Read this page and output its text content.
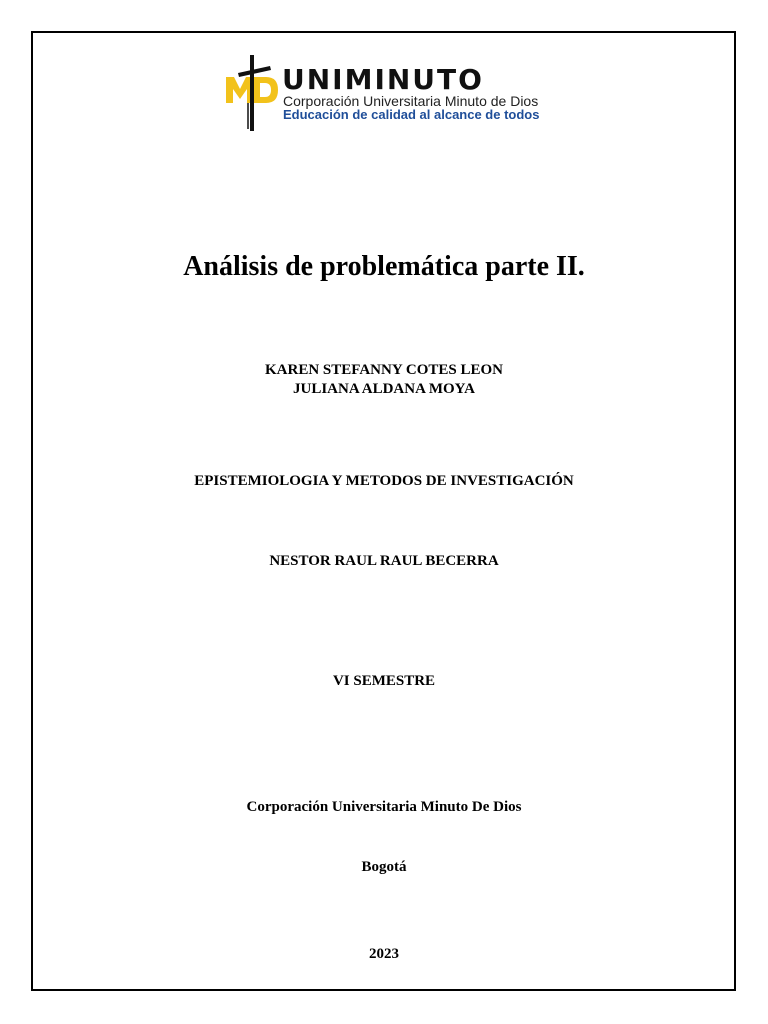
UNIMINUTO
Corporación Universitaria Minuto de Dios
Educación de calidad al alcance de todos
Análisis de problemática parte II.
KAREN STEFANNY COTES LEON
JULIANA ALDANA MOYA
EPISTEMIOLOGIA Y METODOS DE INVESTIGACIÓN
NESTOR RAUL RAUL BECERRA
VI SEMESTRE
Corporación Universitaria Minuto De Dios
Bogotá
2023
